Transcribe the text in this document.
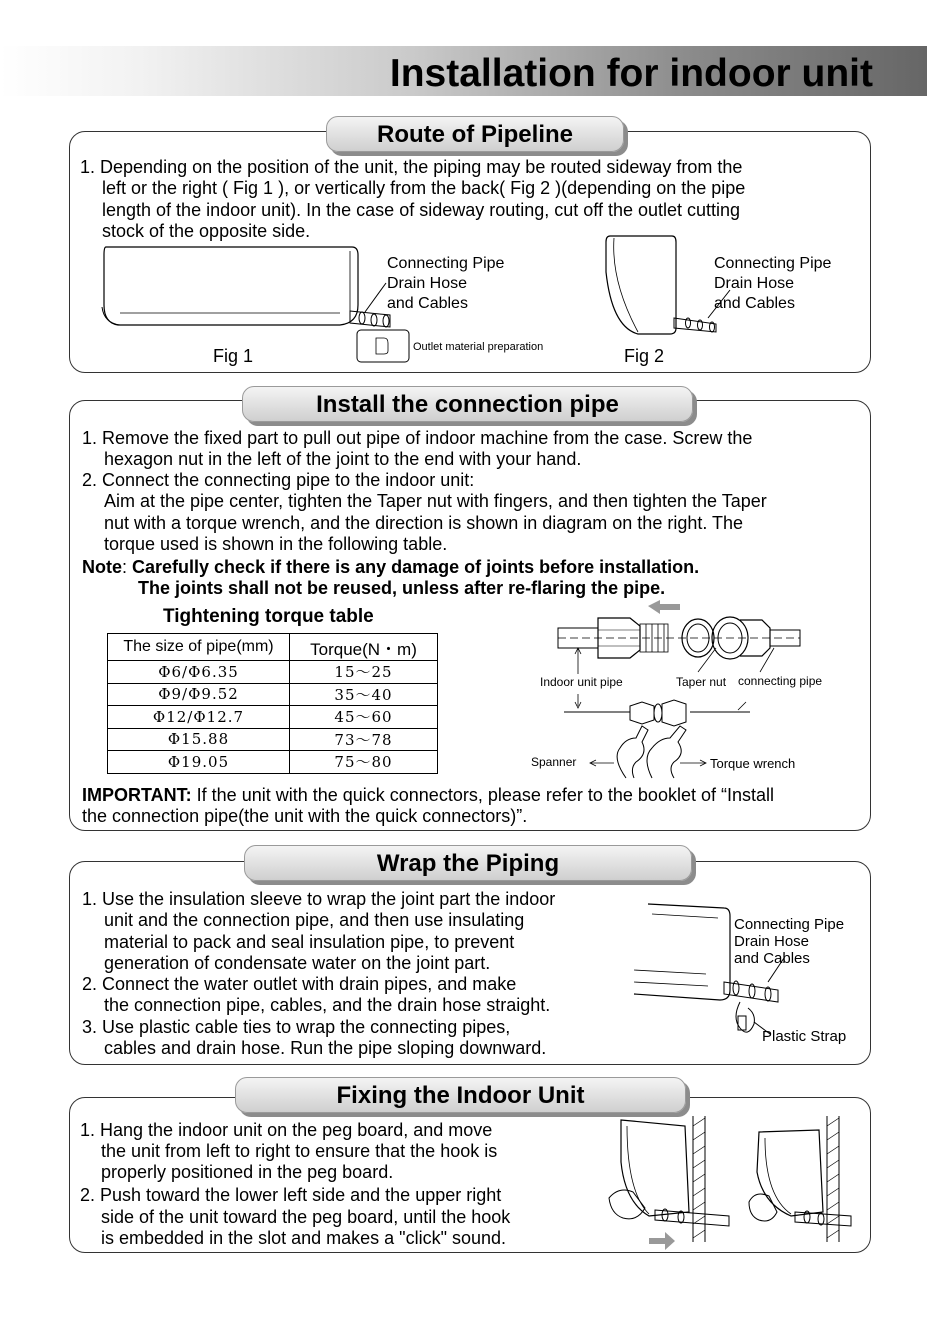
Installation for indoor unit
Route of Pipeline
1. Depending on the position of the unit, the piping may be routed sideway from the
left or the right ( Fig 1 ), or vertically from the back( Fig 2 )(depending on the pipe
length of the indoor unit). In the case of sideway routing, cut off the outlet cutting
stock of the opposite side.
Connecting Pipe
Drain Hose
and Cables
Outlet material preparation
Fig 1
Connecting Pipe
Drain Hose
and Cables
Fig 2
Install the connection pipe
1. Remove the fixed part to pull out pipe of indoor machine from the case. Screw the
hexagon nut in the left of the joint to the end with your hand.
2. Connect the connecting pipe to the indoor unit:
Aim at the pipe center, tighten the Taper nut with fingers, and then tighten the Taper
nut with a torque wrench, and the direction is shown in diagram on the right. The
torque used is shown in the following table.
Note: Carefully check if there is any damage of joints before installation.
The joints shall not be reused, unless after re-flaring the pipe.
Tightening torque table
The size of pipe(mm)	Torque(N・m)
Φ6/Φ6.35	15～25
Φ9/Φ9.52	35～40
Φ12/Φ12.7	45～60
Φ15.88	73～78
Φ19.05	75～80
Indoor unit pipe	Taper nut connecting pipe
Spanner	Torque wrench
IMPORTANT: If the unit with the quick connectors, please refer to the booklet of “Install
the connection pipe(the unit with the quick connectors)”.
Wrap the Piping
1. Use the insulation sleeve to wrap the joint part the indoor
unit and the connection pipe, and then use insulating
material to pack and seal insulation pipe, to prevent
generation of condensate water on the joint part.
2. Connect the water outlet with drain pipes, and make
the connection pipe, cables, and the drain hose straight.
3. Use plastic cable ties to wrap the connecting pipes,
cables and drain hose. Run the pipe sloping downward.
Connecting Pipe
Drain Hose
and Cables
Plastic Strap
Fixing the Indoor Unit
1. Hang the indoor unit on the peg board, and move
the unit from left to right to ensure that the hook is
properly positioned in the peg board.
2. Push toward the lower left side and the upper right
side of the unit toward the peg board, until the hook
is embedded in the slot and makes a "click" sound.
